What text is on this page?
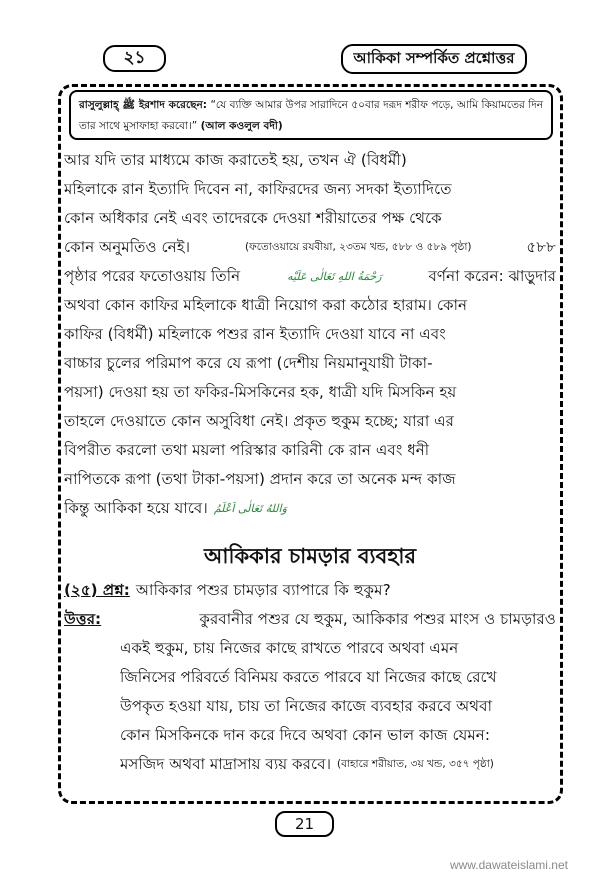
২১	আকিকা সম্পর্কিত প্রশ্নোত্তর
রাসুলুল্লাহ্ ﷺ ইরশাদ করেছেন: “যে ব্যক্তি আমার উপর সারাদিনে ৫০বার দরূদ শরীফ পড়ে, আমি কিয়ামতের দিন তার সাথে মুসাফাহা করবো।” (আল কওলুল বদী)
আর যদি তার মাধ্যমে কাজ করাতেই হয়, তখন ঐ (বিধর্মী)
মহিলাকে রান ইত্যাদি দিবেন না, কাফিরদের জন্য সদকা ইত্যাদিতে
কোন অধিকার নেই এবং তাদেরকে দেওয়া শরীয়াতের পক্ষ থেকে
কোন অনুমতিও নেই।	(ফতোওয়ায়ে রযবীয়া, ২৩তম খন্ড, ৫৮৮ ও ৫৮৯ পৃষ্ঠা)	৫৮৮
পৃষ্ঠার পরের ফতোওয়ায় তিনি	رَحْمَةُ اللهِ تَعَالٰى عَلَيْه	বর্ণনা করেন: ঝাড়ুদার
অথবা কোন কাফির মহিলাকে ধাত্রী নিয়োগ করা কঠোর হারাম। কোন
কাফির (বিধর্মী) মহিলাকে পশুর রান ইত্যাদি দেওয়া যাবে না এবং
বাচ্চার চুলের পরিমাপ করে যে রূপা (দেশীয় নিয়মানুযায়ী টাকা-
পয়সা) দেওয়া হয় তা ফকির-মিসকিনের হক, ধাত্রী যদি মিসকিন হয়
তাহলে দেওয়াতে কোন অসুবিধা নেই। প্রকৃত হুকুম হচ্ছে; যারা এর
বিপরীত করলো তথা ময়লা পরিস্কার কারিনী কে রান এবং ধনী
নাপিতকে রূপা (তথা টাকা-পয়সা) প্রদান করে তা অনেক মন্দ কাজ
কিন্তু আকিকা হয়ে যাবে। وَاللهُ تَعَالٰى اَعْلَمُ
আকিকার চামড়ার ব্যবহার
(২৫) প্রশ্ন: আকিকার পশুর চামড়ার ব্যাপারে কি হুকুম?
উত্তর:	কুরবানীর পশুর যে হুকুম, আকিকার পশুর মাংস ও চামড়ারও
একই হুকুম, চায় নিজের কাছে রাখতে পারবে অথবা এমন
জিনিসের পরিবর্তে বিনিময় করতে পারবে যা নিজের কাছে রেখে
উপকৃত হওয়া যায়, চায় তা নিজের কাজে ব্যবহার করবে অথবা
কোন মিসকিনকে দান করে দিবে অথবা কোন ভাল কাজ যেমন:
মসজিদ অথবা মাদ্রাসায় ব্যয় করবে। (বাহারে শরীয়াত, ৩য় খন্ড, ৩৫৭ পৃষ্ঠা)
21
www.dawateislami.net
